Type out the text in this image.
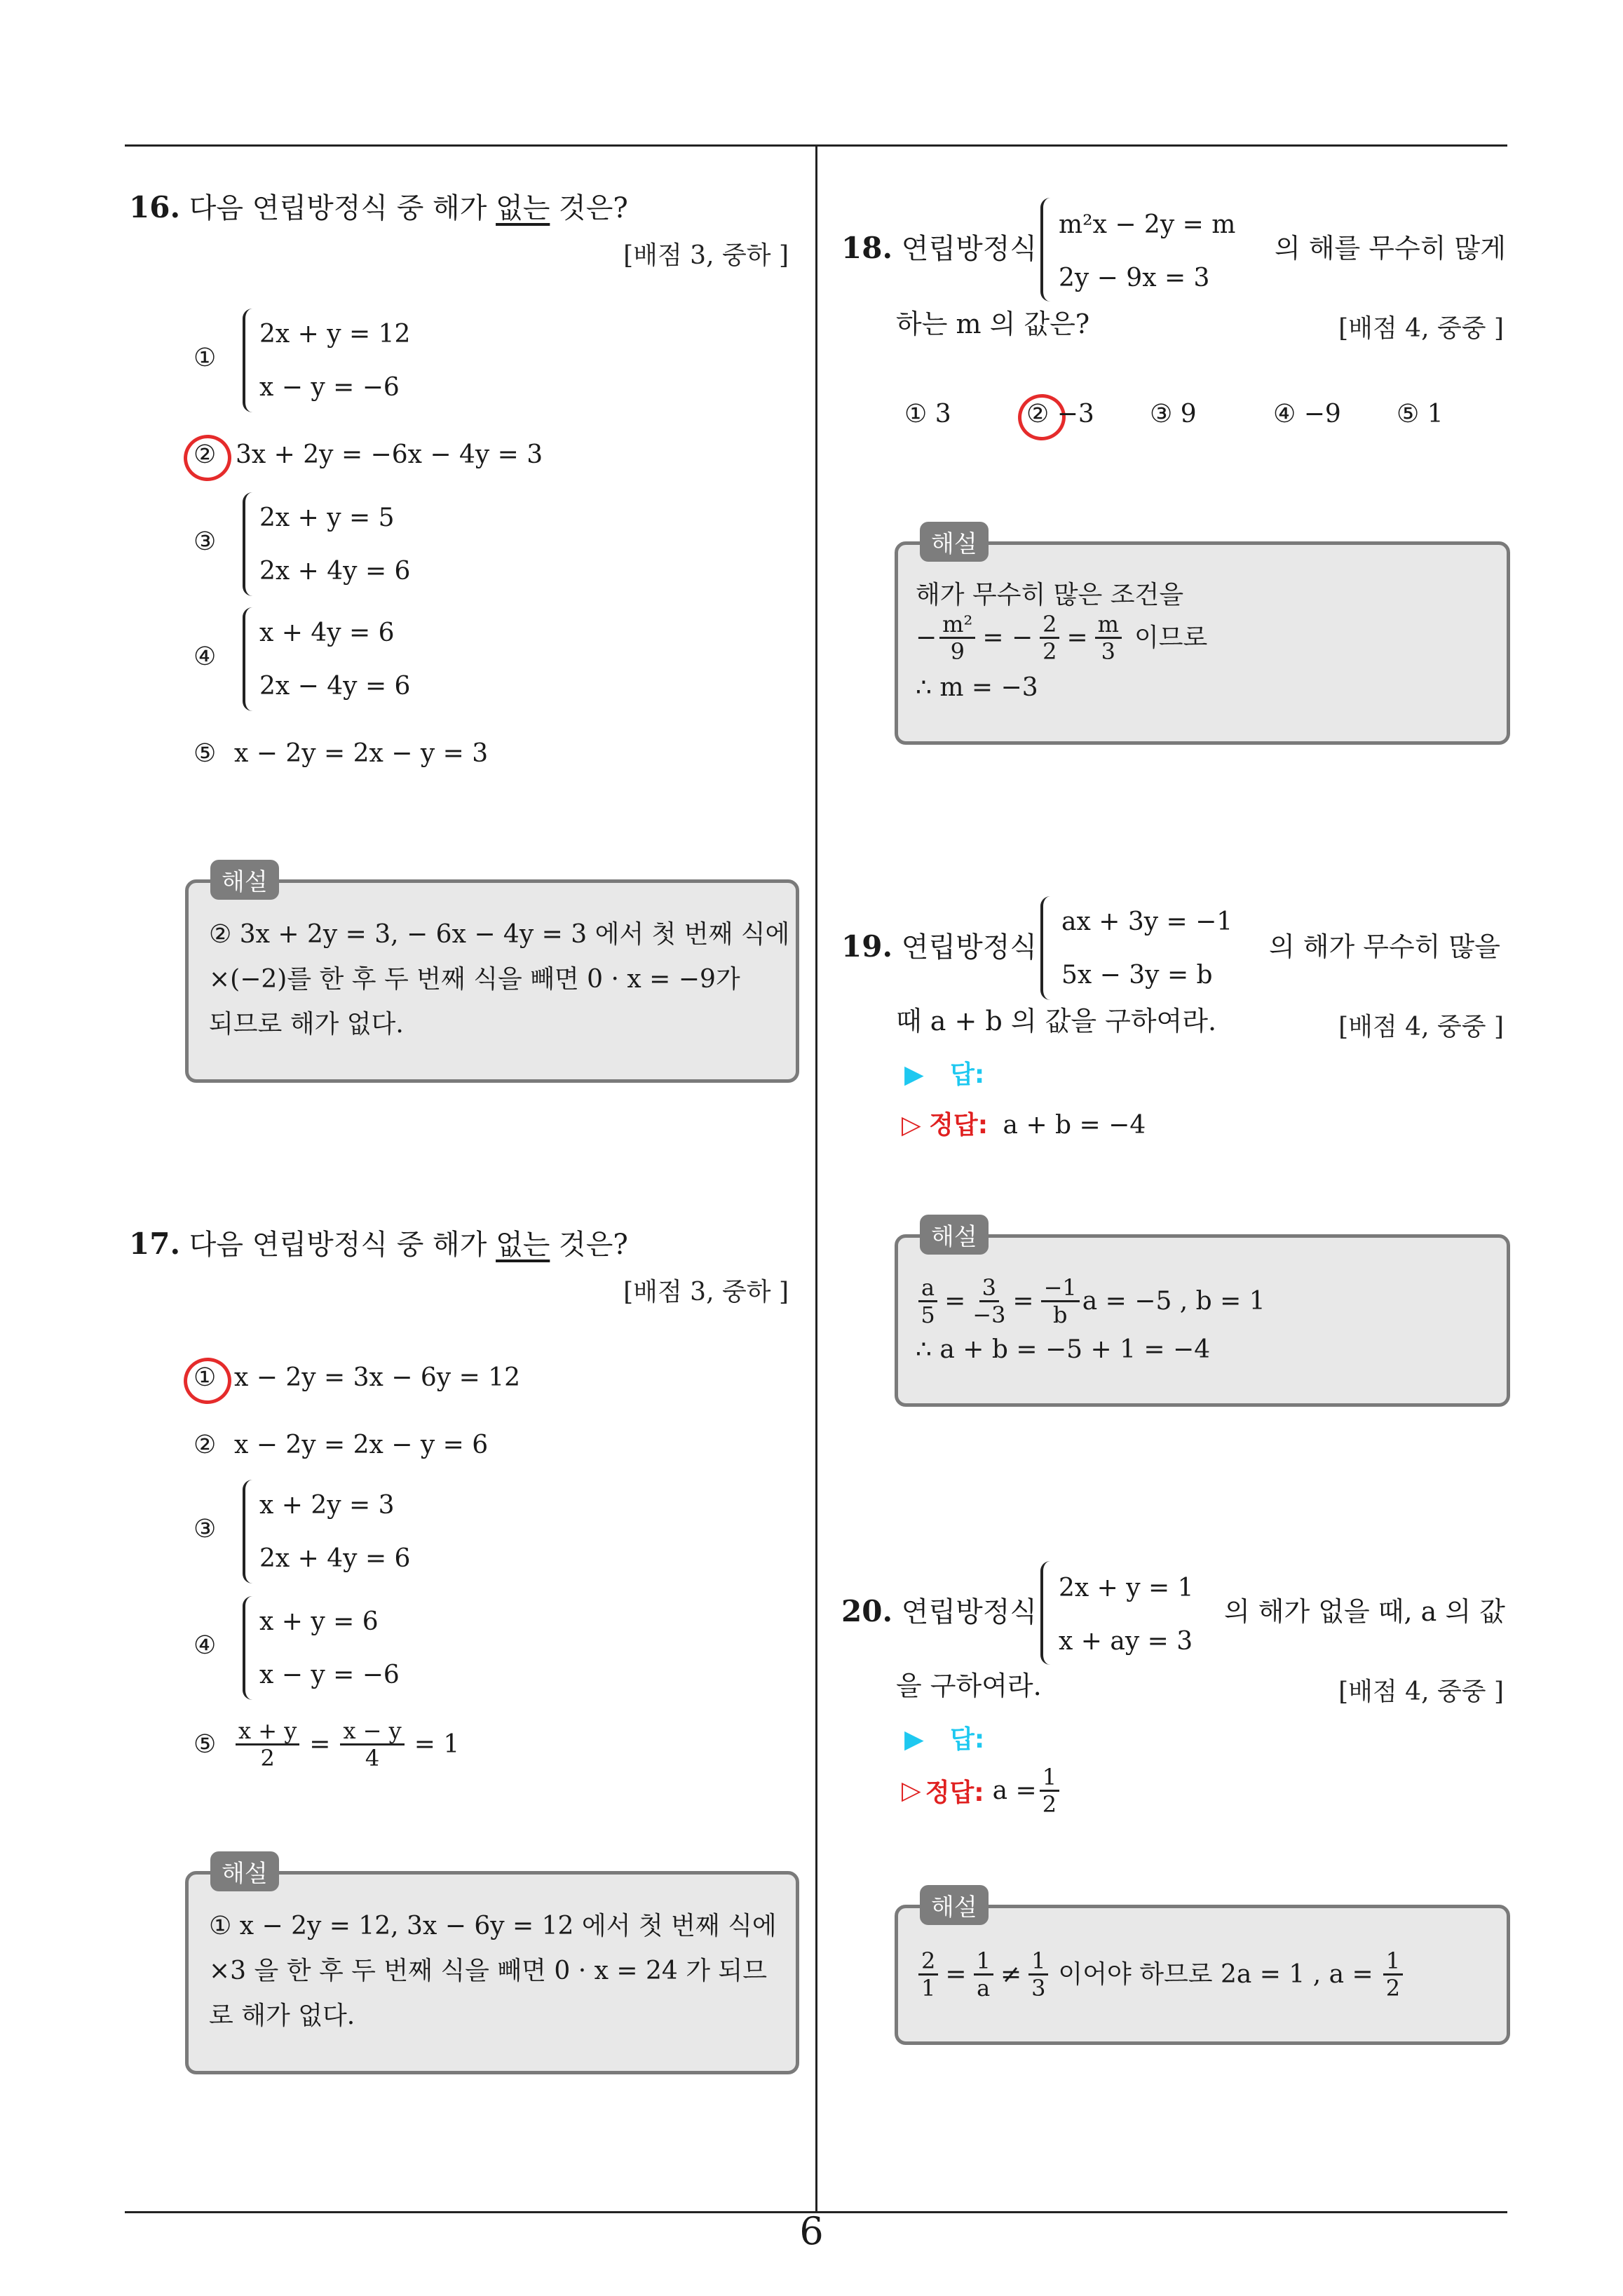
6
16. 다음 연립방정식 중 해가 없는 것은?
[배점 3, 중하 ]
①
2x + y = 12
x − y = −6
② 3x + 2y = −6x − 4y = 3
③
2x + y = 5
2x + 4y = 6
④
x + 4y = 6
2x − 4y = 6
⑤ x − 2y = 2x − y = 3
해설
② 3x + 2y = 3, − 6x − 4y = 3 에서 첫 번째 식에
×(−2)를 한 후 두 번째 식을 빼면 0 · x = −9가
되므로 해가 없다.
17. 다음 연립방정식 중 해가 없는 것은?
[배점 3, 중하 ]
① x − 2y = 3x − 6y = 12
② x − 2y = 2x − y = 6
③
x + 2y = 3
2x + 4y = 6
④
x + y = 6
x − y = −6
⑤ $\frac{x + y}{2} = \frac{x - y}{4} = 1$
해설
① x − 2y = 12, 3x − 6y = 12 에서 첫 번째 식에
×3 을 한 후 두 번째 식을 빼면 0 · x = 24 가 되므
로 해가 없다.
18. 연립방정식
m²x − 2y = m
2y − 9x = 3
의 해를 무수히 많게
하는 m 의 값은?	[배점 4, 중중 ]
① 3	② −3 ③ 9	④ −9 ⑤ 1
해설
해가 무수히 많은 조건을
− $\frac{\text{m²}}{9}$ = − $\frac{2}{2} = \frac{m}{3}$ 이므로
∴ m = −3
19. 연립방정식
ax + 3y = −1
5x − 3y = b
의 해가 무수히 많을
때 a + b 의 값을 구하여라.	[배점 4, 중중 ]
▶ 답:
▷ 정답: a + b = −4
해설
$\frac{a}{5} = \frac{3}{-3} = \frac{-1}{b}$ a = −5 , b = 1
∴ a + b = −5 + 1 = −4
20. 연립방정식
2x + y = 1
x + ay = 3
의 해가 없을 때, a 의 값
을 구하여라.	[배점 4, 중중 ]
▶ 답:
▷ 정답: $a = \frac{1}{2}$
해설
$\frac{2}{1} = \frac{1}{a} \ne \frac{1}{3}$ 이어야 하므로 2a = 1 , $a = \frac{1}{2}$
